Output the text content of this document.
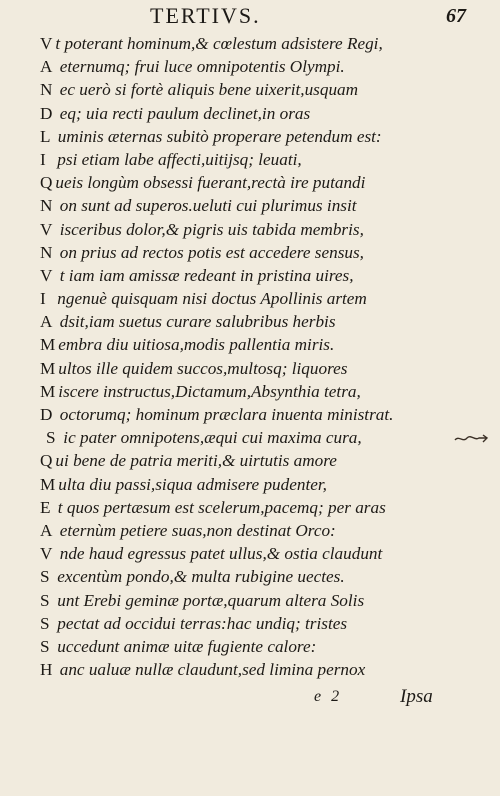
TERTIVS.	67
V t poterant hominum,& cœlestum adsistere Regi,
A eternumq; frui luce omnipotentis Olympi.
N ec uerò si fortè aliquis bene uixerit,usquam
D eq; uia recti paulum declinet,in oras
L uminis æternas subitò properare petendum est:
I psi etiam labe affecti,uitijsq; leuati,
Q ueis longùm obsessi fuerant,rectà ire putandi
N on sunt ad superos.ueluti cui plurimus insit
V isceribus dolor,& pigris uis tabida membris,
N on prius ad rectos potis est accedere sensus,
V t iam iam amissæ redeant in pristina uires,
I ngenuè quisquam nisi doctus Apollinis artem
A dsit,iam suetus curare salubribus herbis
M embra diu uitiosa,modis pallentia miris.
M ultos ille quidem succos,multosq; liquores
M iscere instructus,Dictamum,Absynthia tetra,
D octorumq; hominum præclara inuenta ministrat.
S ic pater omnipotens,æqui cui maxima cura,
Q ui bene de patria meriti,& uirtutis amore
M ulta diu passi,siqua admisere pudenter,
E t quos pertæsum est scelerum,pacemq; per aras
A eternùm petiere suas,non destinat Orco:
V nde haud egressus patet ullus,& ostia claudunt
S excentùm pondo,& multa rubigine uectes.
S unt Erebi geminæ portæ,quarum altera Solis
S pectat ad occidui terras:hac undiq; tristes
S uccedunt animæ uitæ fugiente calore:
H anc ualuæ nullæ claudunt,sed limina pernox
e 2	Ipsa
